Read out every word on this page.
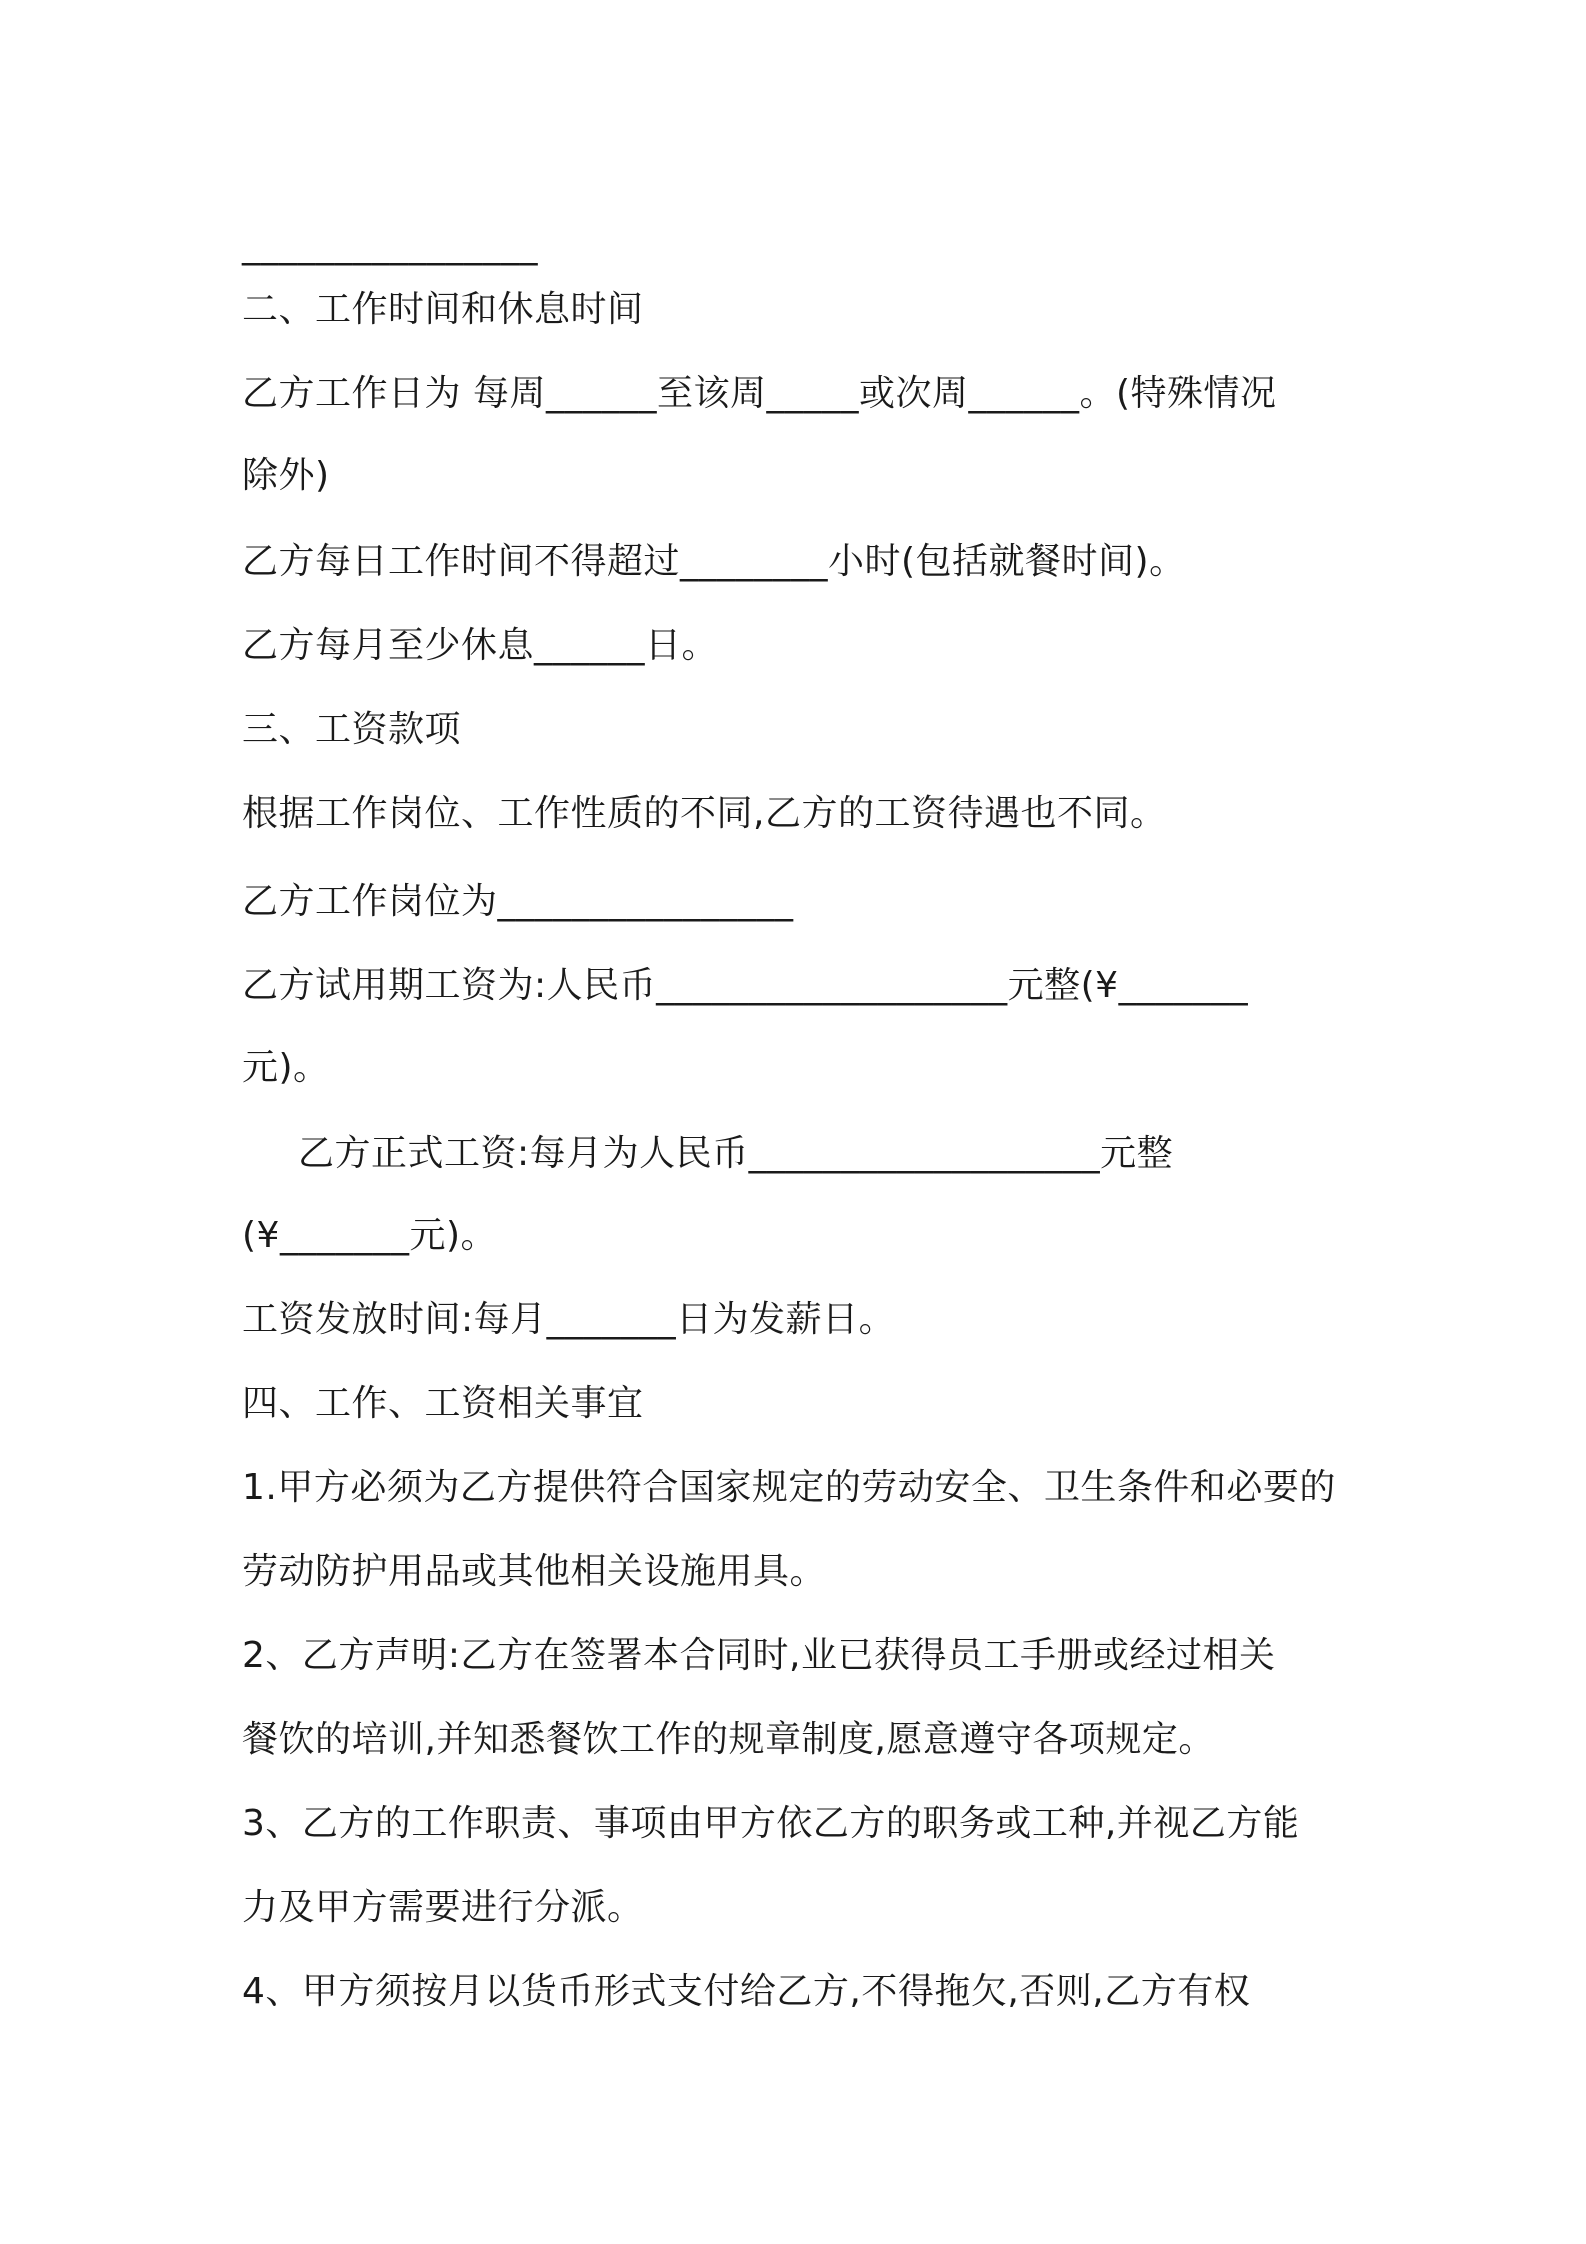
________________
二、工作时间和休息时间
乙方工作日为 每周______至该周_____或次周______。(特殊情况
除外)
乙方每日工作时间不得超过________小时(包括就餐时间)。
乙方每月至少休息______日。
三、工资款项
根据工作岗位、工作性质的不同,乙方的工资待遇也不同。
乙方工作岗位为________________
乙方试用期工资为:人民币___________________元整(¥_______
元)。
乙方正式工资:每月为人民币___________________元整
(¥_______元)。
工资发放时间:每月_______日为发薪日。
四、工作、工资相关事宜
1.甲方必须为乙方提供符合国家规定的劳动安全、卫生条件和必要的
劳动防护用品或其他相关设施用具。
2、乙方声明:乙方在签署本合同时,业已获得员工手册或经过相关
餐饮的培训,并知悉餐饮工作的规章制度,愿意遵守各项规定。
3、乙方的工作职责、事项由甲方依乙方的职务或工种,并视乙方能
力及甲方需要进行分派。
4、甲方须按月以货币形式支付给乙方,不得拖欠,否则,乙方有权
